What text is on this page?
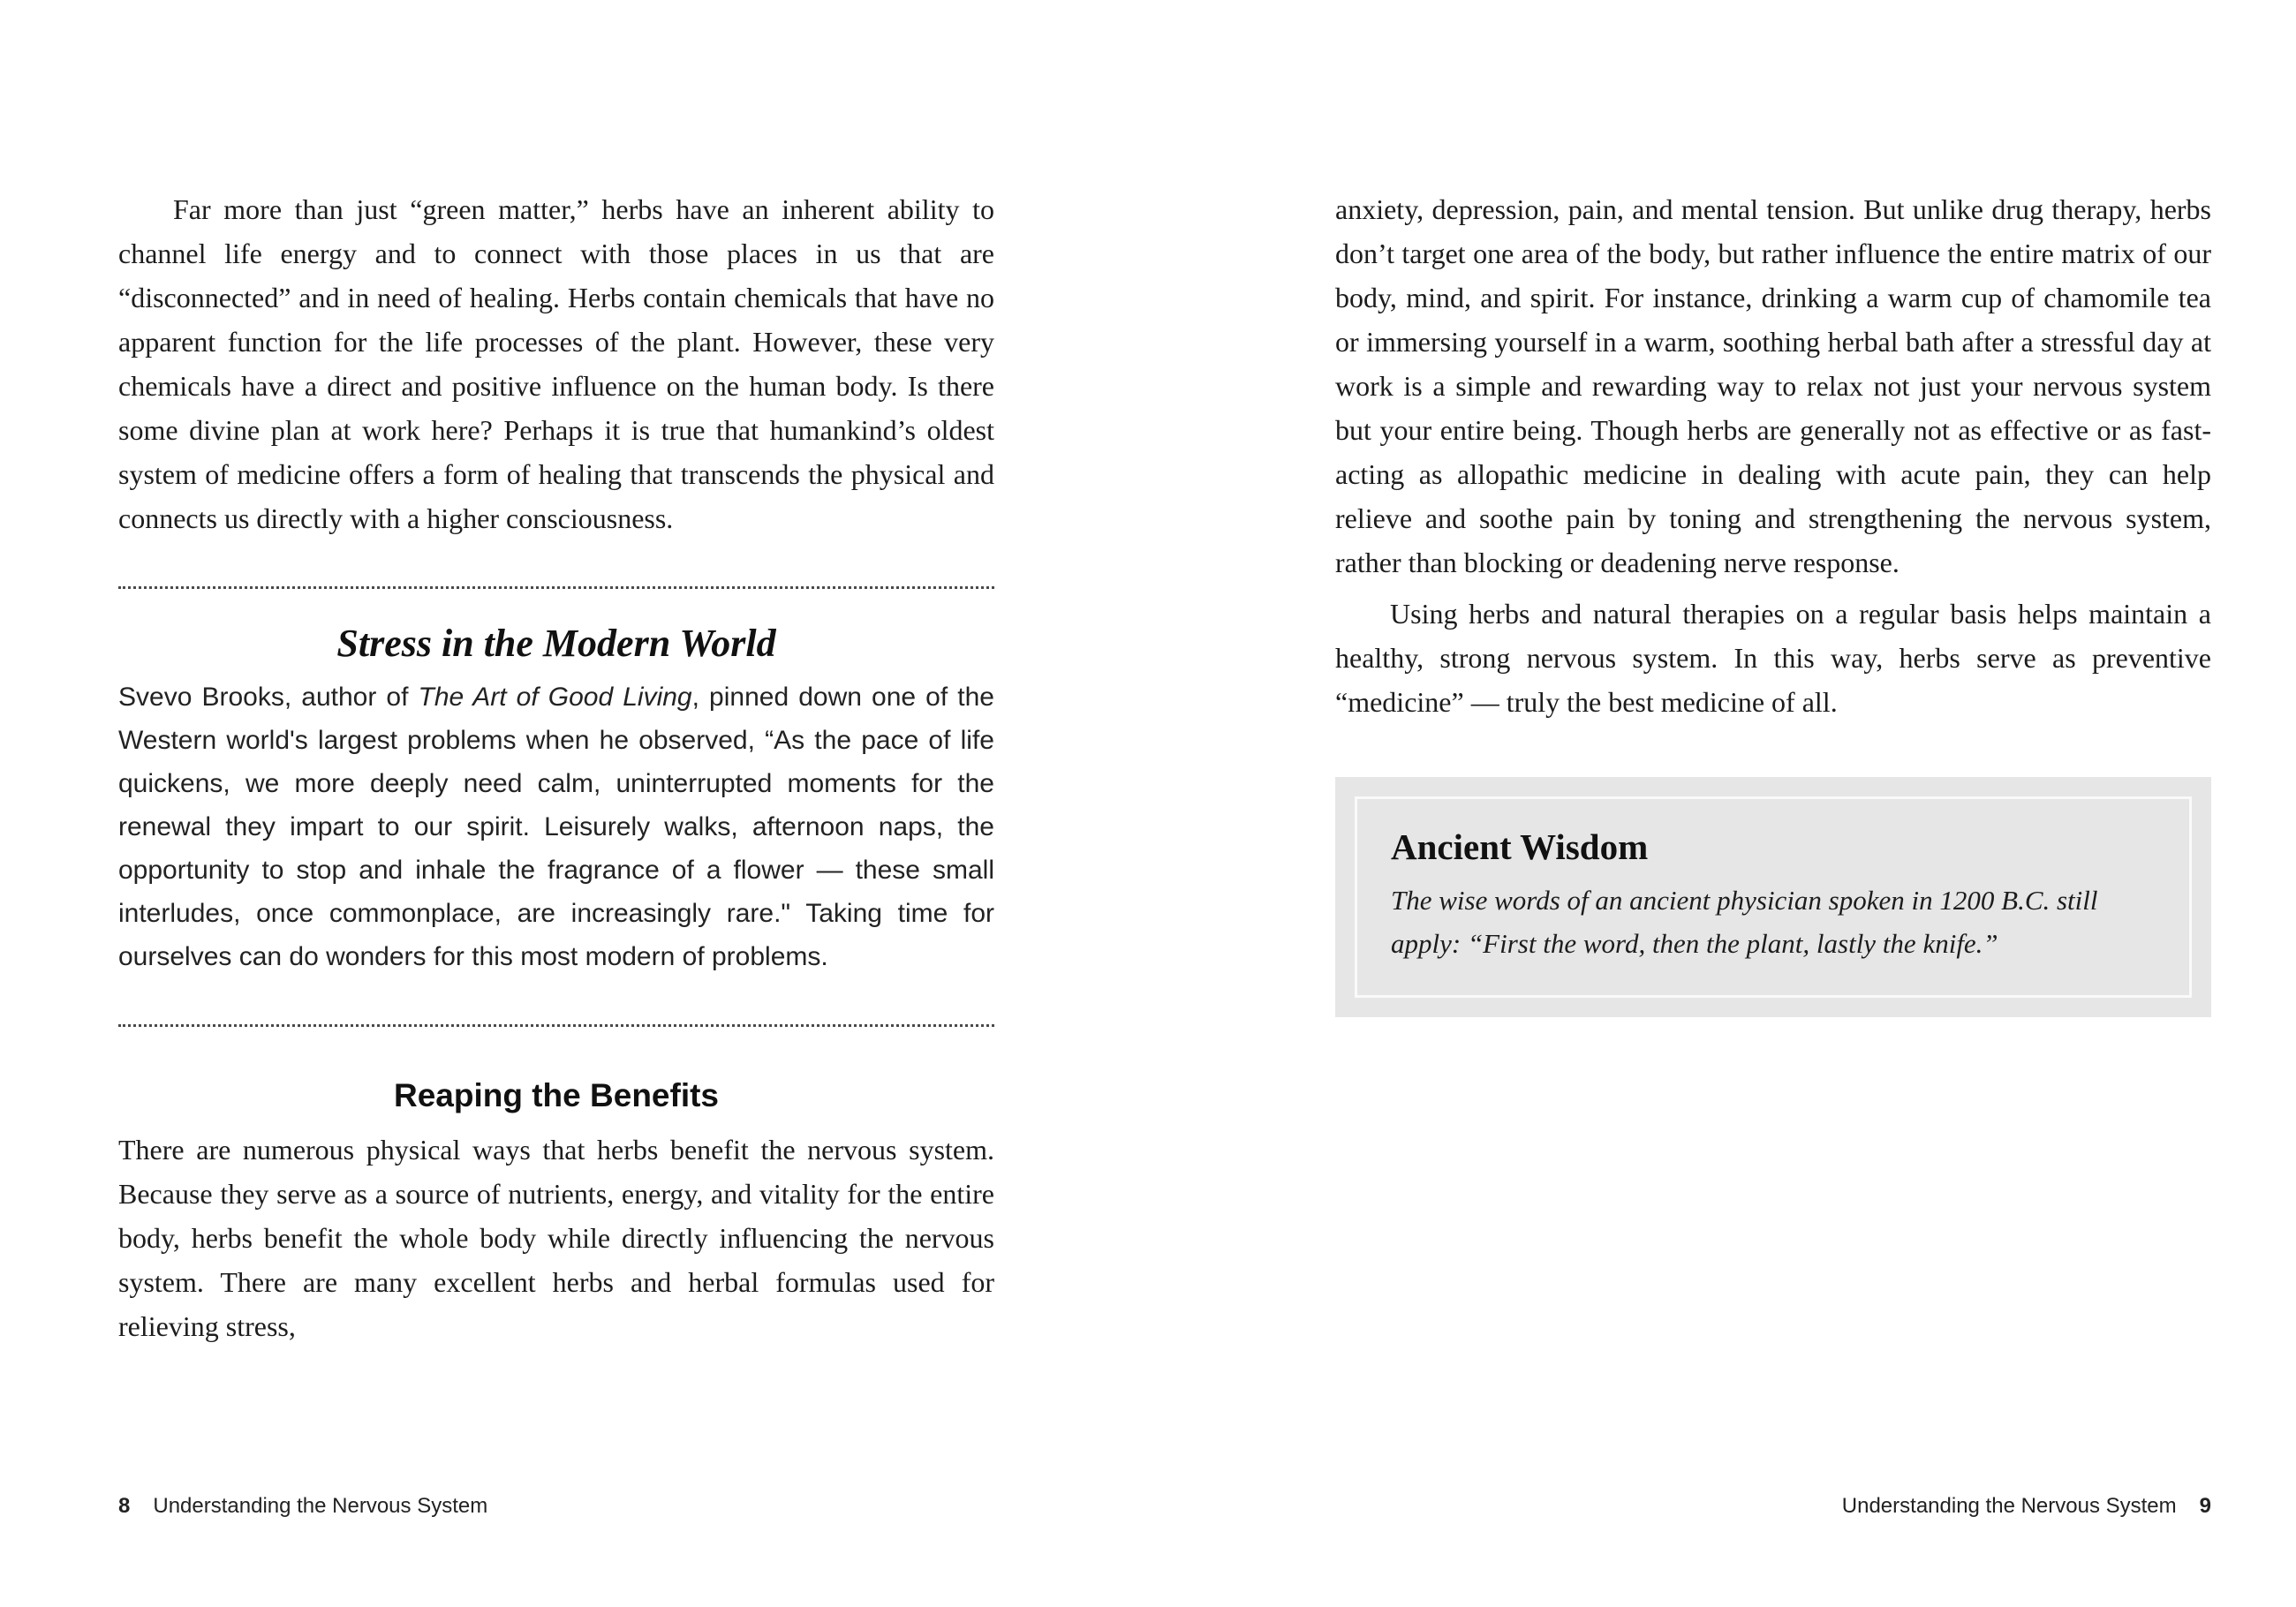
Far more than just “green matter,” herbs have an inherent ability to channel life energy and to connect with those places in us that are “disconnected” and in need of healing. Herbs contain chemicals that have no apparent function for the life processes of the plant. However, these very chemicals have a direct and positive influence on the human body. Is there some divine plan at work here? Perhaps it is true that humankind’s oldest system of medicine offers a form of healing that transcends the physical and connects us directly with a higher consciousness.

Stress in the Modern World

Svevo Brooks, author of The Art of Good Living, pinned down one of the Western world's largest problems when he observed, “As the pace of life quickens, we more deeply need calm, uninterrupted moments for the renewal they impart to our spirit. Leisurely walks, afternoon naps, the opportunity to stop and inhale the fragrance of a flower — these small interludes, once commonplace, are increasingly rare." Taking time for ourselves can do wonders for this most modern of problems.

Reaping the Benefits

There are numerous physical ways that herbs benefit the nervous system. Because they serve as a source of nutrients, energy, and vitality for the entire body, herbs benefit the whole body while directly influencing the nervous system. There are many excellent herbs and herbal formulas used for relieving stress,

anxiety, depression, pain, and mental tension. But unlike drug therapy, herbs don’t target one area of the body, but rather influence the entire matrix of our body, mind, and spirit. For instance, drinking a warm cup of chamomile tea or immersing yourself in a warm, soothing herbal bath after a stressful day at work is a simple and rewarding way to relax not just your nervous system but your entire being. Though herbs are generally not as effective or as fast-acting as allopathic medicine in dealing with acute pain, they can help relieve and soothe pain by toning and strengthening the nervous system, rather than blocking or deadening nerve response.

Using herbs and natural therapies on a regular basis helps maintain a healthy, strong nervous system. In this way, herbs serve as preventive “medicine” — truly the best medicine of all.

Ancient Wisdom

The wise words of an ancient physician spoken in 1200 B.C. still apply: “First the word, then the plant, lastly the knife.”

8 Understanding the Nervous System	Understanding the Nervous System 9
